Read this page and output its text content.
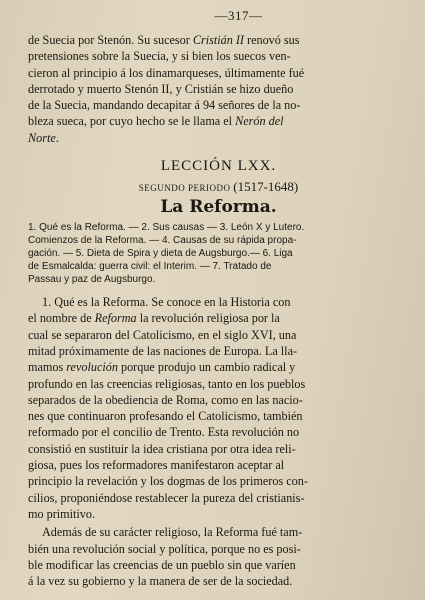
—317—
de Suecia por Stenón. Su sucesor Cristián II renovó sus
pretensiones sobre la Suecia, y si bien los suecos ven-
cieron al principio á los dinamarqueses, últimamente fué
derrotado y muerto Stenón II, y Cristián se hizo dueño
de la Suecia, mandando decapitar á 94 señores de la no-
bleza sueca, por cuyo hecho se le llama el Nerón del
Norte.
LECCIÓN LXX.
SEGUNDO PERIODO (1517-1648)
La Reforma.
1. Qué es la Reforma. — 2. Sus causas — 3. León X y Lutero.
Comienzos de la Reforma. — 4. Causas de su rápida propa-
gación. — 5. Dieta de Spira y dieta de Augsburgo.— 6. Liga
de Esmalcalda: guerra civil: el Interim. — 7. Tratado de
Passau y paz de Augsburgo.
1. Qué es la Reforma. Se conoce en la Historia con
el nombre de Reforma la revolución religiosa por la
cual se separaron del Catolicismo, en el siglo XVI, una
mitad próximamente de las naciones de Europa. La lla-
mamos revolución porque produjo un cambio radical y
profundo en las creencias religiosas, tanto en los pueblos
separados de la obediencia de Roma, como en las nacio-
nes que continuaron profesando el Catolicismo, también
reformado por el concilio de Trento. Esta revolución no
consistió en sustituir la idea cristiana por otra idea reli-
giosa, pues los reformadores manifestaron aceptar al
principio la revelación y los dogmas de los primeros con-
cilios, proponiéndose restablecer la pureza del cristianis-
mo primitivo.
Además de su carácter religioso, la Reforma fué tam-
bién una revolución social y política, porque no es posi-
ble modificar las creencias de un pueblo sin que varíen
á la vez su gobierno y la manera de ser de la sociedad.
